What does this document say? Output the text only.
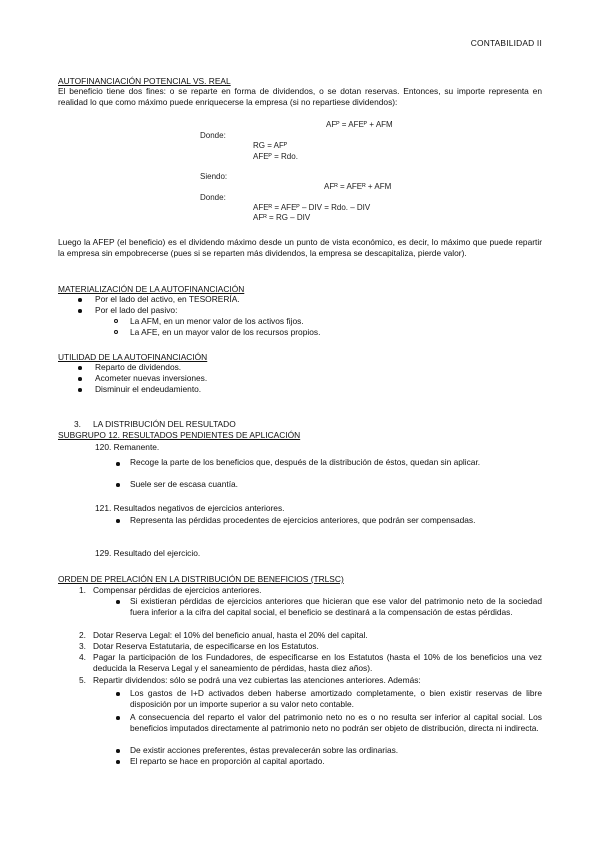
CONTABILIDAD II
AUTOFINANCIACIÓN POTENCIAL VS. REAL
El beneficio tiene dos fines: o se reparte en forma de dividendos, o se dotan reservas. Entonces, su importe representa en realidad lo que como máximo puede enriquecerse la empresa (si no repartiese dividendos):
AFᴾ = AFEᴾ + AFM
Donde:
RG = AFᴾ
AFEᴾ = Rdo.
Siendo:
AFᴿ = AFEᴿ + AFM
Donde:
AFEᴿ = AFEᴾ – DIV = Rdo. – DIV
AFᴿ = RG – DIV
Luego la AFEP (el beneficio) es el dividendo máximo desde un punto de vista económico, es decir, lo máximo que puede repartir la empresa sin empobrecerse (pues si se reparten más dividendos, la empresa se descapitaliza, pierde valor).
MATERIALIZACIÓN DE LA AUTOFINANCIACIÓN
Por el lado del activo, en TESORERÍA.
Por el lado del pasivo:
La AFM, en un menor valor de los activos fijos.
La AFE, en un mayor valor de los recursos propios.
UTILIDAD DE LA AUTOFINANCIACIÓN
Reparto de dividendos.
Acometer nuevas inversiones.
Disminuir el endeudamiento.
3. LA DISTRIBUCIÓN DEL RESULTADO
SUBGRUPO 12. RESULTADOS PENDIENTES DE APLICACIÓN
120. Remanente.
Recoge la parte de los beneficios que, después de la distribución de éstos, quedan sin aplicar.
Suele ser de escasa cuantía.
121. Resultados negativos de ejercicios anteriores.
Representa las pérdidas procedentes de ejercicios anteriores, que podrán ser compensadas.
129. Resultado del ejercicio.
ORDEN DE PRELACIÓN EN LA DISTRIBUCIÓN DE BENEFICIOS (TRLSC)
1. Compensar pérdidas de ejercicios anteriores.
Si existieran pérdidas de ejercicios anteriores que hicieran que ese valor del patrimonio neto de la sociedad fuera inferior a la cifra del capital social, el beneficio se destinará a la compensación de estas pérdidas.
2. Dotar Reserva Legal: el 10% del beneficio anual, hasta el 20% del capital.
3. Dotar Reserva Estatutaria, de especificarse en los Estatutos.
4. Pagar la participación de los Fundadores, de especificarse en los Estatutos (hasta el 10% de los beneficios una vez deducida la Reserva Legal y el saneamiento de pérdidas, hasta diez años).
5. Repartir dividendos: sólo se podrá una vez cubiertas las atenciones anteriores. Además:
Los gastos de I+D activados deben haberse amortizado completamente, o bien existir reservas de libre disposición por un importe superior a su valor neto contable.
A consecuencia del reparto el valor del patrimonio neto no es o no resulta ser inferior al capital social. Los beneficios imputados directamente al patrimonio neto no podrán ser objeto de distribución, directa ni indirecta.
De existir acciones preferentes, éstas prevalecerán sobre las ordinarias.
El reparto se hace en proporción al capital aportado.
